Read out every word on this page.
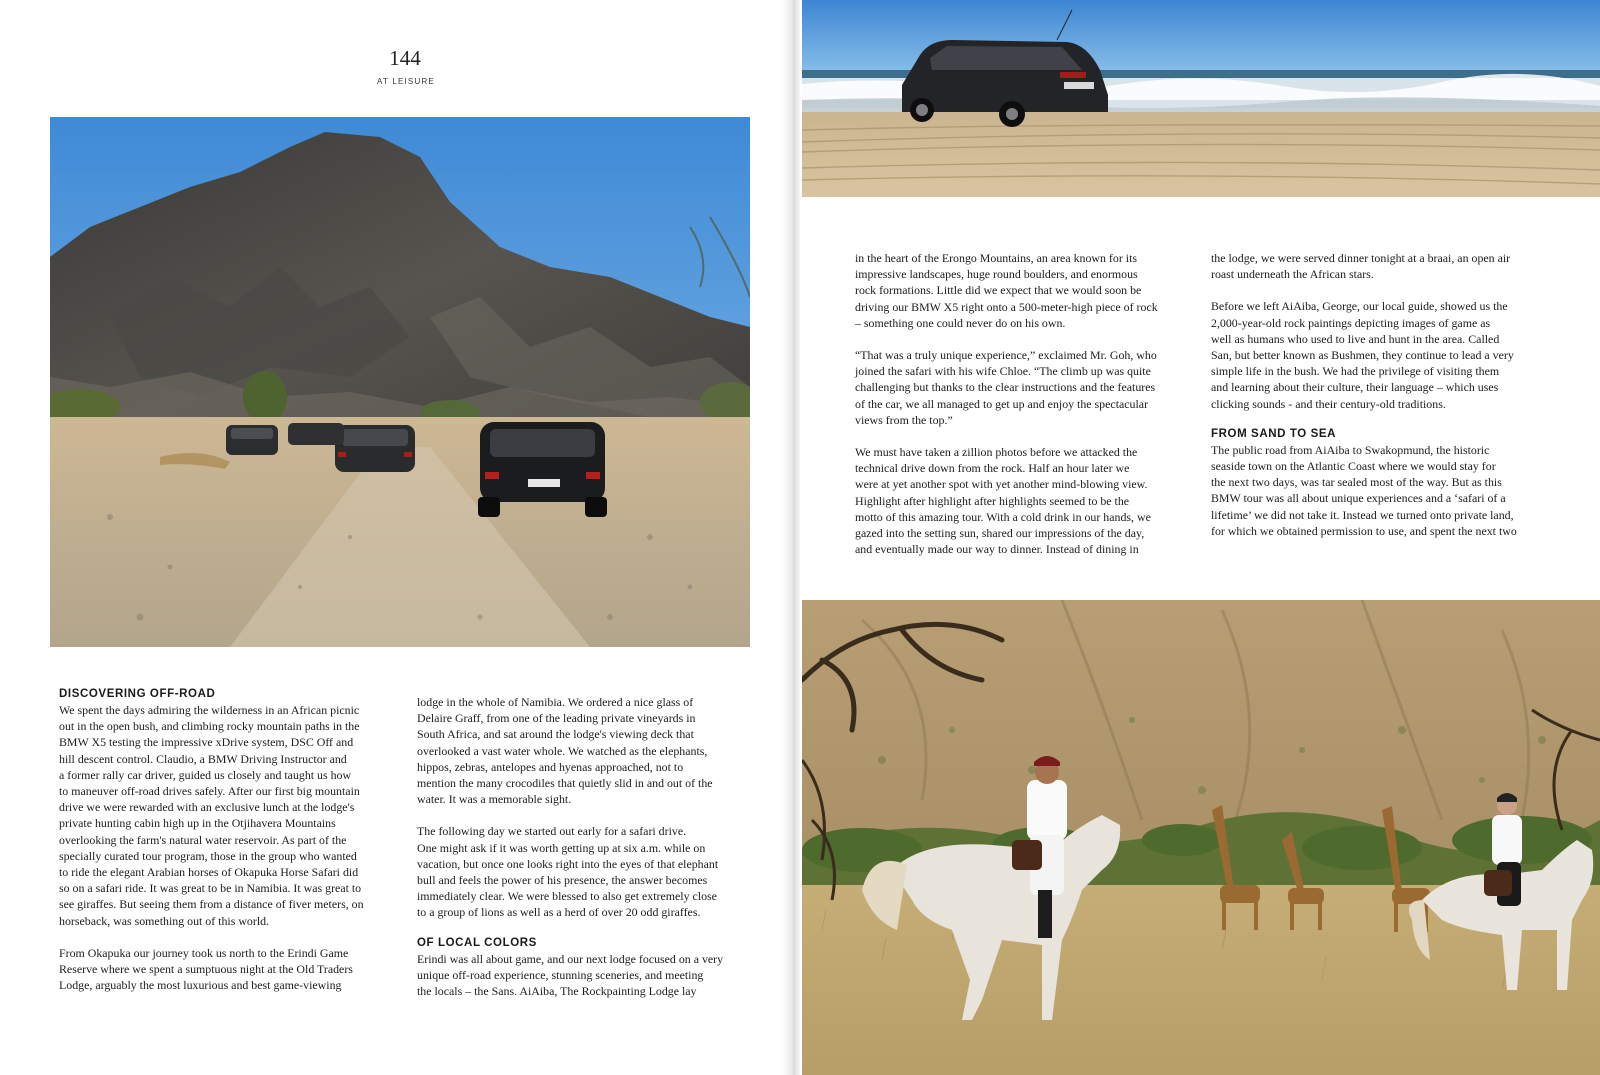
144
AT LEISURE
DISCOVERING OFF-ROAD

We spent the days admiring the wilderness in an African picnic
out in the open bush, and climbing rocky mountain paths in the
BMW X5 testing the impressive xDrive system, DSC Off and
hill descent control. Claudio, a BMW Driving Instructor and
a former rally car driver, guided us closely and taught us how
to maneuver off-road drives safely. After our first big mountain
drive we were rewarded with an exclusive lunch at the lodge's
private hunting cabin high up in the Otjihavera Mountains
overlooking the farm's natural water reservoir. As part of the
specially curated tour program, those in the group who wanted
to ride the elegant Arabian horses of Okapuka Horse Safari did
so on a safari ride. It was great to be in Namibia. It was great to
see giraffes. But seeing them from a distance of fiver meters, on
horseback, was something out of this world.

From Okapuka our journey took us north to the Erindi Game
Reserve where we spent a sumptuous night at the Old Traders
Lodge, arguably the most luxurious and best game-viewing

lodge in the whole of Namibia. We ordered a nice glass of
Delaire Graff, from one of the leading private vineyards in
South Africa, and sat around the lodge's viewing deck that
overlooked a vast water whole. We watched as the elephants,
hippos, zebras, antelopes and hyenas approached, not to
mention the many crocodiles that quietly slid in and out of the
water. It was a memorable sight.

The following day we started out early for a safari drive.
One might ask if it was worth getting up at six a.m. while on
vacation, but once one looks right into the eyes of that elephant
bull and feels the power of his presence, the answer becomes
immediately clear. We were blessed to also get extremely close
to a group of lions as well as a herd of over 20 odd giraffes.

OF LOCAL COLORS

Erindi was all about game, and our next lodge focused on a very
unique off-road experience, stunning sceneries, and meeting
the locals – the Sans. AiAiba, The Rockpainting Lodge lay

in the heart of the Erongo Mountains, an area known for its
impressive landscapes, huge round boulders, and enormous
rock formations. Little did we expect that we would soon be
driving our BMW X5 right onto a 500-meter-high piece of rock
– something one could never do on his own.

“That was a truly unique experience,” exclaimed Mr. Goh, who
joined the safari with his wife Chloe. “The climb up was quite
challenging but thanks to the clear instructions and the features
of the car, we all managed to get up and enjoy the spectacular
views from the top.”

We must have taken a zillion photos before we attacked the
technical drive down from the rock. Half an hour later we
were at yet another spot with yet another mind-blowing view.
Highlight after highlight after highlights seemed to be the
motto of this amazing tour. With a cold drink in our hands, we
gazed into the setting sun, shared our impressions of the day,
and eventually made our way to dinner. Instead of dining in

the lodge, we were served dinner tonight at a braai, an open air
roast underneath the African stars.

Before we left AiAiba, George, our local guide, showed us the
2,000-year-old rock paintings depicting images of game as
well as humans who used to live and hunt in the area. Called
San, but better known as Bushmen, they continue to lead a very
simple life in the bush. We had the privilege of visiting them
and learning about their culture, their language – which uses
clicking sounds - and their century-old traditions.

FROM SAND TO SEA

The public road from AiAiba to Swakopmund, the historic
seaside town on the Atlantic Coast where we would stay for
the next two days, was tar sealed most of the way. But as this
BMW tour was all about unique experiences and a ‘safari of a
lifetime’ we did not take it. Instead we turned onto private land,
for which we obtained permission to use, and spent the next two
